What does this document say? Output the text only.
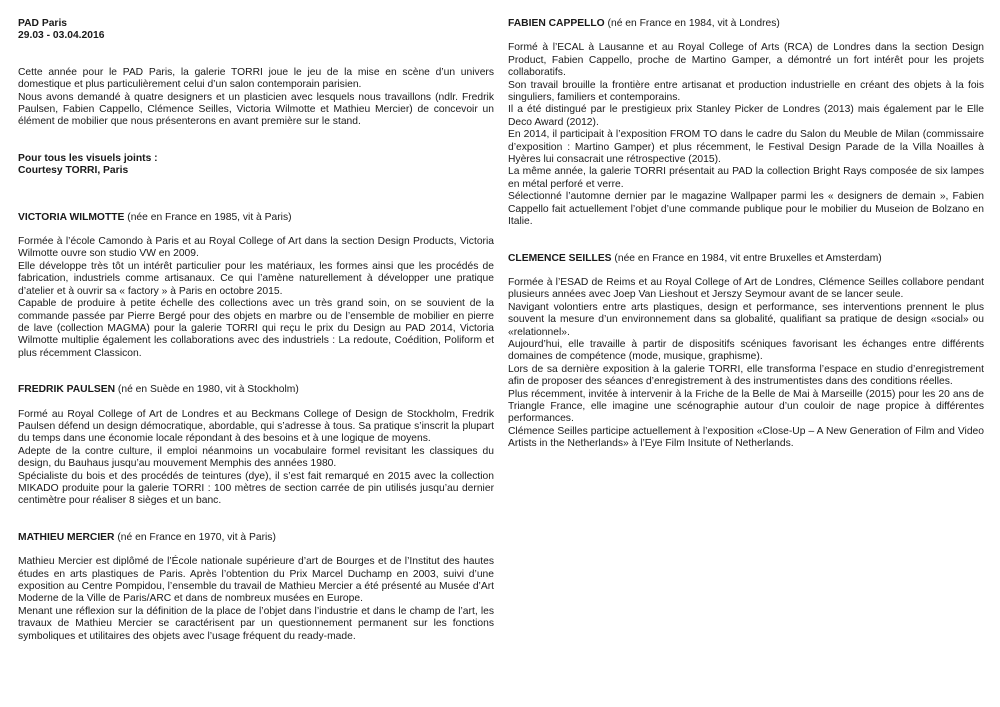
PAD Paris

29.03 - 03.04.2016

Cette année pour le PAD Paris, la galerie TORRI joue le jeu de la mise en scène d’un univers domestique et plus particulièrement celui d’un salon contemporain parisien.

Nous avons demandé à quatre designers et un plasticien avec lesquels nous travaillons (ndlr. Fredrik Paulsen, Fabien Cappello, Clémence Seilles, Victoria Wilmotte et Mathieu Mercier) de concevoir un élément de mobilier que nous présenterons en avant première sur le stand.

Pour tous les visuels joints :

Courtesy TORRI, Paris

VICTORIA WILMOTTE (née en France en 1985, vit à Paris)

Formée à l’école Camondo à Paris et au Royal College of Art dans la section Design Products, Victoria Wilmotte ouvre son studio VW en 2009.

Elle développe très tôt un intérêt particulier pour les matériaux, les formes ainsi que les procédés de fabrication, industriels comme artisanaux. Ce qui l’amène naturellement à développer une pratique d’atelier et à ouvrir sa « factory » à Paris en octobre 2015.

Capable de produire à petite échelle des collections avec un très grand soin, on se souvient de la commande passée par Pierre Bergé pour des objets en marbre ou de l’ensemble de mobilier en pierre de lave (collection MAGMA) pour la galerie TORRI qui reçu le prix du Design au PAD 2014, Victoria Wilmotte multiplie également les collaborations avec des industriels : La redoute, Coédition, Poliform et plus récemment Classicon.

FREDRIK PAULSEN (né en Suède en 1980, vit à Stockholm)

Formé au Royal College of Art de Londres et au Beckmans College of Design de Stockholm, Fredrik Paulsen défend un design démocratique, abordable, qui s’adresse à tous. Sa pratique s’inscrit la plupart du temps dans une économie locale répondant à des besoins et à une logique de moyens.

Adepte de la contre culture, il emploi néanmoins un vocabulaire formel revisitant les classiques du design, du Bauhaus jusqu’au mouvement Memphis des années 1980.

Spécialiste du bois et des procédés de teintures (dye), il s’est fait remarqué en 2015 avec la collection MIKADO produite pour la galerie TORRI : 100 mètres de section carrée de pin utilisés jusqu’au dernier centimètre pour réaliser 8 sièges et un banc.

MATHIEU MERCIER (né en France en 1970, vit à Paris)

Mathieu Mercier est diplômé de l’École nationale supérieure d’art de Bourges et de l’Institut des hautes études en arts plastiques de Paris. Après l’obtention du Prix Marcel Duchamp en 2003, suivi d’une exposition au Centre Pompidou, l’ensemble du travail de Mathieu Mercier a été présenté au Musée d’Art Moderne de la Ville de Paris/ARC et dans de nombreux musées en Europe.

Menant une réflexion sur la définition de la place de l’objet dans l’industrie et dans le champ de l’art, les travaux de Mathieu Mercier se caractérisent par un questionnement permanent sur les fonctions symboliques et utilitaires des objets avec l’usage fréquent du ready-made.

FABIEN CAPPELLO (né en France en 1984, vit à Londres)

Formé à l’ECAL à Lausanne et au Royal College of Arts (RCA) de Londres dans la section Design Product, Fabien Cappello, proche de Martino Gamper, a démontré un fort intérêt pour les projets collaboratifs.

Son travail brouille la frontière entre artisanat et production industrielle en créant des objets à la fois singuliers, familiers et contemporains.

Il a été distingué par le prestigieux prix Stanley Picker de Londres (2013) mais également par le Elle Deco Award (2012).

En 2014, il participait à l’exposition FROM TO dans le cadre du Salon du Meuble de Milan (commissaire d’exposition : Martino Gamper) et plus récemment, le Festival Design Parade de la Villa Noailles à Hyères lui consacrait une rétrospective (2015).

La même année, la galerie TORRI présentait au PAD la collection Bright Rays composée de six lampes en métal perforé et verre.

Sélectionné l’automne dernier par le magazine Wallpaper parmi les « designers de demain », Fabien Cappello fait actuellement l’objet d’une commande publique pour le mobilier du Museion de Bolzano en Italie.

CLEMENCE SEILLES (née en France en 1984, vit entre Bruxelles et Amsterdam)

Formée à l’ESAD de Reims et au Royal College of Art de Londres, Clémence Seilles collabore pendant plusieurs années avec Joep Van Lieshout et Jerszy Seymour avant de se lancer seule.

Navigant volontiers entre arts plastiques, design et performance, ses interventions prennent le plus souvent la mesure d’un environnement dans sa globalité, qualifiant sa pratique de design «social» ou «relationnel».

Aujourd’hui, elle travaille à partir de dispositifs scéniques favorisant les échanges entre différents domaines de compétence (mode, musique, graphisme).

Lors de sa dernière exposition à la galerie TORRI, elle transforma l’espace en studio d’enregistrement afin de proposer des séances d’enregistrement à des instrumentistes dans des conditions réelles.

Plus récemment, invitée à intervenir à la Friche de la Belle de Mai à Marseille (2015) pour les 20 ans de Triangle France, elle imagine une scénographie autour d’un couloir de nage propice à différentes performances.

Clémence Seilles participe actuellement à l’exposition «Close-Up – A New Generation of Film and Video Artists in the Netherlands» à l’Eye Film Insitute of Netherlands.
